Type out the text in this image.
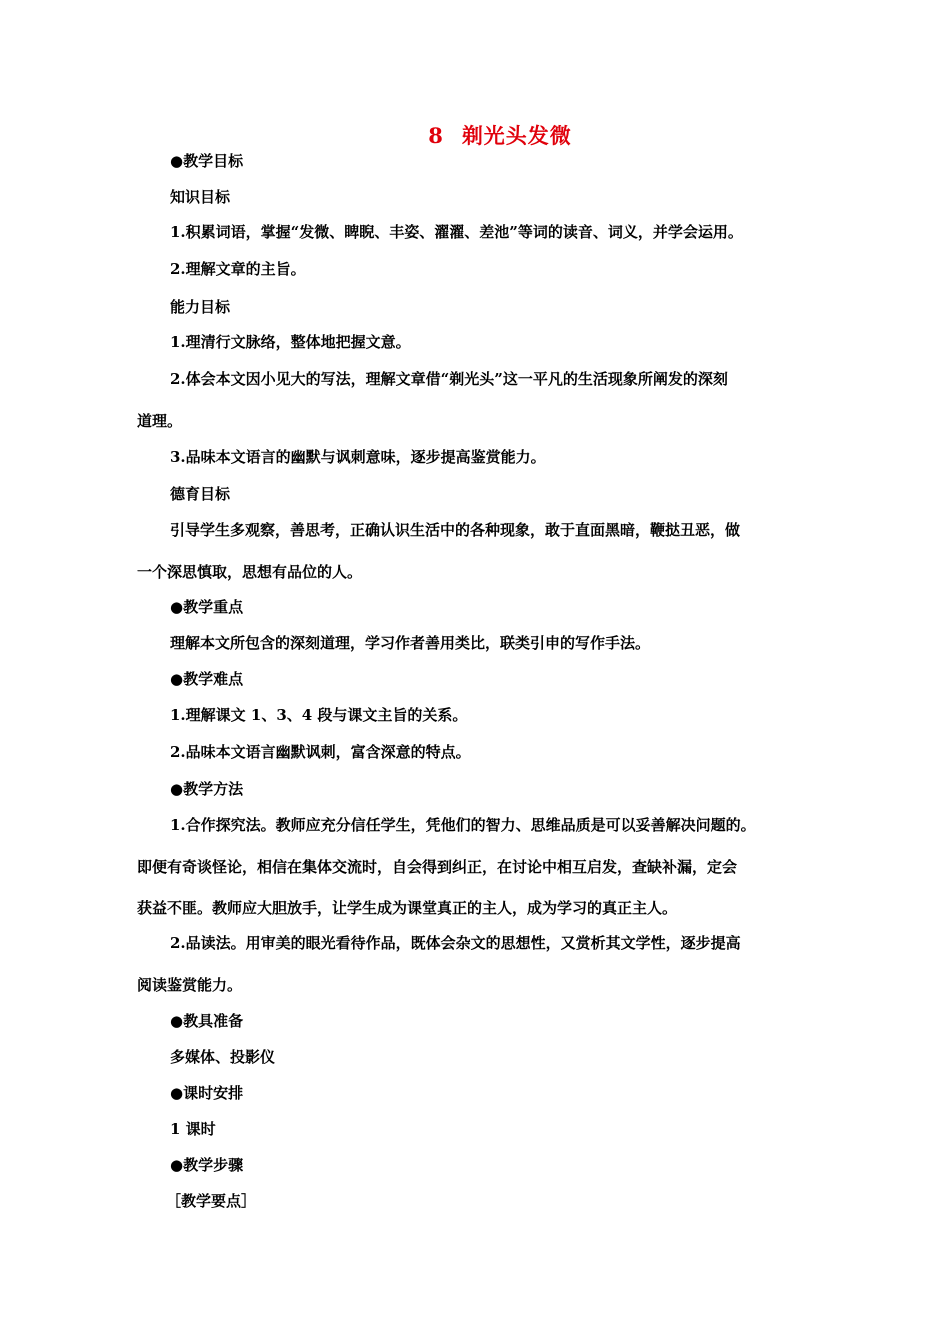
8 剃光头发微

●教学目标

知识目标

1.积累词语，掌握“发微、睥睨、丰姿、濯濯、差池”等词的读音、词义，并学会运用。

2.理解文章的主旨。

能力目标

1.理清行文脉络，整体地把握文意。

2.体会本文因小见大的写法，理解文章借“剃光头”这一平凡的生活现象所阐发的深刻

道理。

3.品味本文语言的幽默与讽刺意味，逐步提高鉴赏能力。

德育目标

引导学生多观察，善思考，正确认识生活中的各种现象，敢于直面黑暗，鞭挞丑恶，做

一个深思慎取，思想有品位的人。

●教学重点

理解本文所包含的深刻道理，学习作者善用类比，联类引申的写作手法。

●教学难点

1.理解课文 1、3、4 段与课文主旨的关系。

2.品味本文语言幽默讽刺，富含深意的特点。

●教学方法

1.合作探究法。教师应充分信任学生，凭他们的智力、思维品质是可以妥善解决问题的。

即便有奇谈怪论，相信在集体交流时，自会得到纠正，在讨论中相互启发，查缺补漏，定会

获益不匪。教师应大胆放手，让学生成为课堂真正的主人，成为学习的真正主人。

2.品读法。用审美的眼光看待作品，既体会杂文的思想性，又赏析其文学性，逐步提高

阅读鉴赏能力。

●教具准备

多媒体、投影仪

●课时安排

1 课时

●教学步骤

［教学要点］
